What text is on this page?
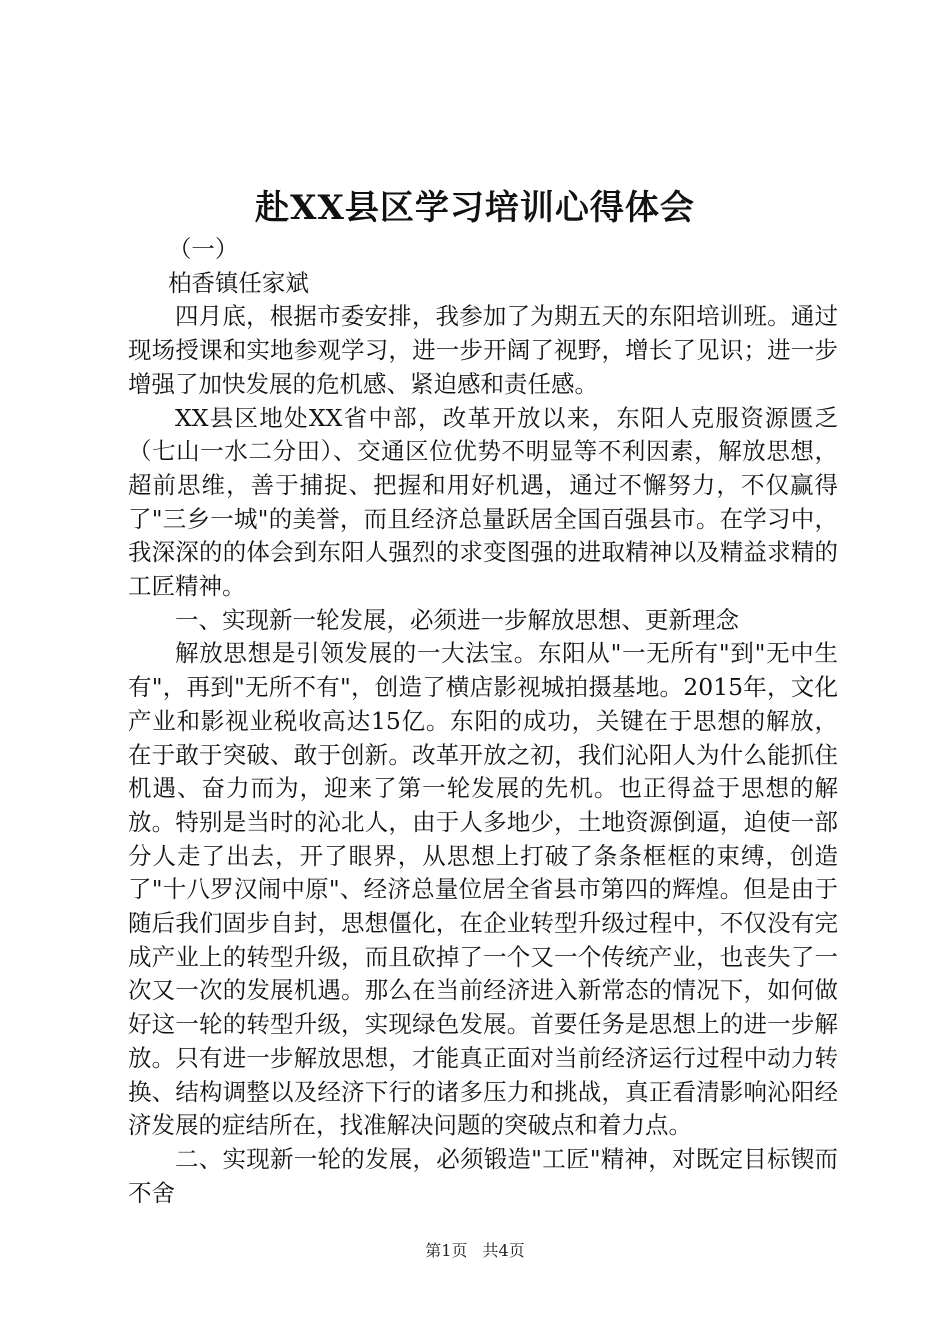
赴XX县区学习培训心得体会

（一）

柏香镇任家斌

四月底，根据市委安排，我参加了为期五天的东阳培训班。通过现场授课和实地参观学习，进一步开阔了视野，增长了见识；进一步增强了加快发展的危机感、紧迫感和责任感。

XX县区地处XX省中部，改革开放以来，东阳人克服资源匮乏（七山一水二分田）、交通区位优势不明显等不利因素，解放思想，超前思维，善于捕捉、把握和用好机遇，通过不懈努力，不仅赢得了"三乡一城"的美誉，而且经济总量跃居全国百强县市。在学习中，我深深的的体会到东阳人强烈的求变图强的进取精神以及精益求精的工匠精神。

一、实现新一轮发展，必须进一步解放思想、更新理念

解放思想是引领发展的一大法宝。东阳从"一无所有"到"无中生有"，再到"无所不有"，创造了横店影视城拍摄基地。2015年，文化产业和影视业税收高达15亿。东阳的成功，关键在于思想的解放，在于敢于突破、敢于创新。改革开放之初，我们沁阳人为什么能抓住机遇、奋力而为，迎来了第一轮发展的先机。也正得益于思想的解放。特别是当时的沁北人，由于人多地少，土地资源倒逼，迫使一部分人走了出去，开了眼界，从思想上打破了条条框框的束缚，创造了"十八罗汉闹中原"、经济总量位居全省县市第四的辉煌。但是由于随后我们固步自封，思想僵化，在企业转型升级过程中，不仅没有完成产业上的转型升级，而且砍掉了一个又一个传统产业，也丧失了一次又一次的发展机遇。那么在当前经济进入新常态的情况下，如何做好这一轮的转型升级，实现绿色发展。首要任务是思想上的进一步解放。只有进一步解放思想，才能真正面对当前经济运行过程中动力转换、结构调整以及经济下行的诸多压力和挑战，真正看清影响沁阳经济发展的症结所在，找准解决问题的突破点和着力点。

二、实现新一轮的发展，必须锻造"工匠"精神，对既定目标锲而不舍

第1页 共4页
